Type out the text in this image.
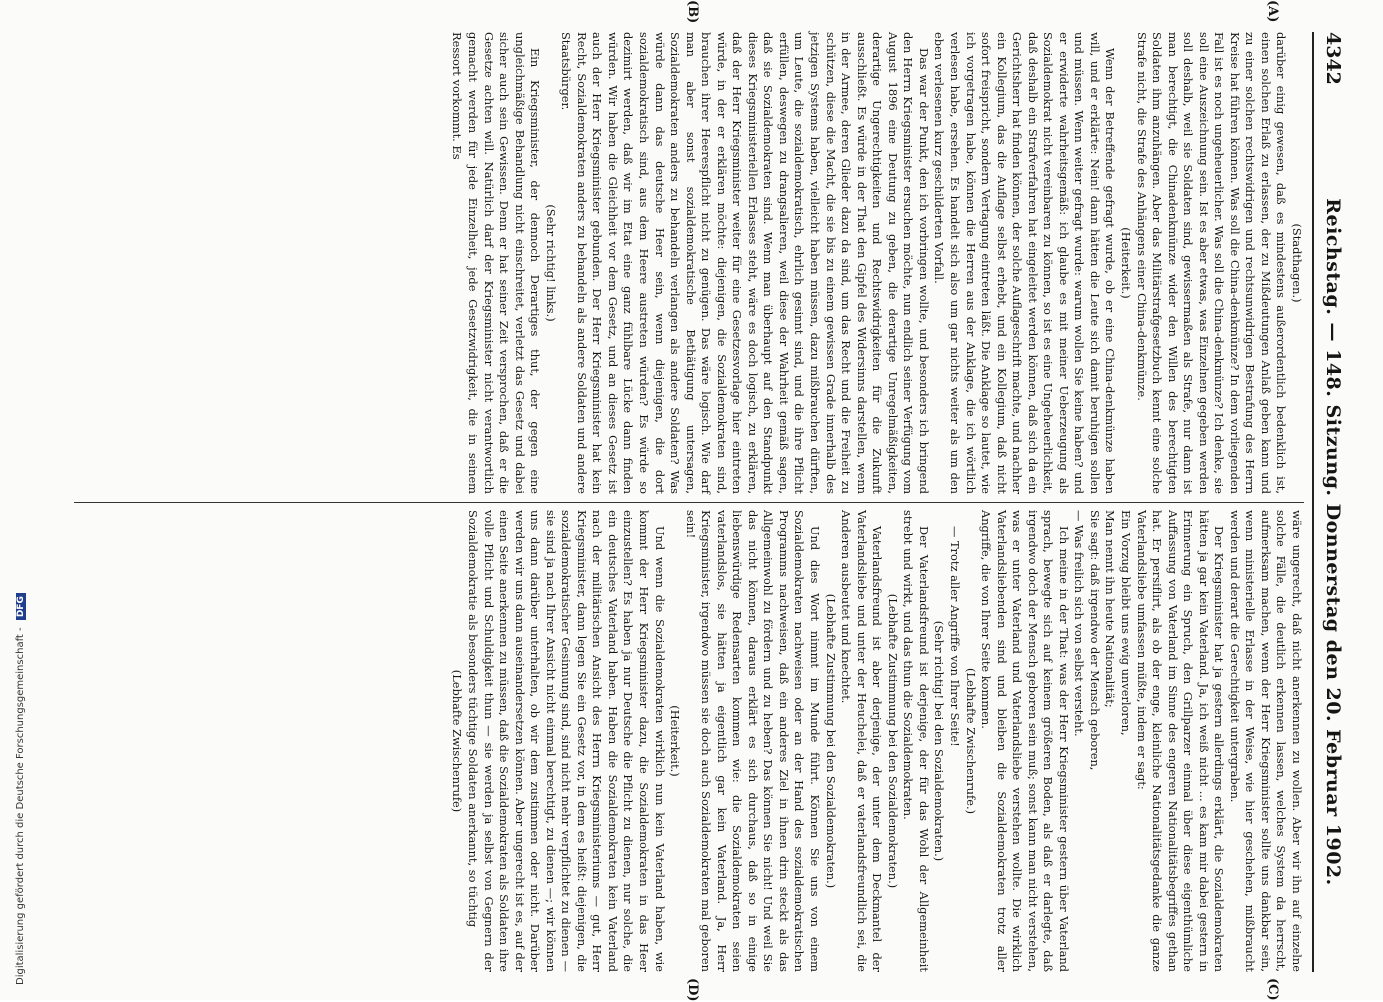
Digitalisierung gefördert durch die Deutsche Forschungsgemeinschaft - DFG
4342
Reichstag. — 148. Sitzung. Donnerstag den 20. Februar 1902.
(A)
(B)
(C)
(D)

(Stadthagen.)

darüber einig gewesen, daß es mindestens außerordentlich bedenklich ist, einen solchen Erlaß zu erlassen, der zu Mißdeutungen Anlaß geben kann und zu einer solchen rechtswidrigen und rechtsunwidrigen Bestrafung des Herrn Kreise hat führen können. Was soll die China-denkmünze? In dem vorliegenden Fall ist es noch ungeheuerlicher. Was soll die China-denkmünze? Ich denke, sie soll eine Auszeichnung sein. Ist es aber etwas, was Einzelnen gegeben werden soll deshalb, weil sie Soldaten sind, gewissermaßen als Strafe, nur dann ist man berechtigt, die Chinadenkmünze wider den Willen des berechtigten Soldaten ihm anzuhängen. Aber das Militärstrafgesetzbuch kennt eine solche Strafe nicht, die Strafe des Anhängens einer China-denkmünze.

(Heiterkeit.)

Wenn der Betreffende gefragt wurde, ob er eine China-denkmünze haben will, und er erklärte: Nein! dann hätten die Leute sich damit beruhigen sollen und müssen. Wenn weiter gefragt wurde: warum wollen Sie keine haben? und er erwiderte wahrheitsgemäß: ich glaube es mit meiner Ueberzeugung als Sozialdemokrat nicht vereinbaren zu können, so ist es eine Ungeheuerlichkeit, daß deshalb ein Strafverfahren hat eingeleitet werden können, daß sich da ein Gerichtsherr hat finden können, der solche Auflageschrift machte, und nachher ein Kollegium, das die Auflage selbst erhebt, und ein Kollegium, daß nicht sofort freispricht, sondern Vertagung eintreten läßt. Die Anklage so lautet, wie ich vorgetragen habe, können die Herren aus der Anklage, die ich wörtlich verlesen habe, ersehen. Es handelt sich also um gar nichts weiter als um den eben verlesenen kurz geschilderten Vorfall.

Das war der Punkt, den ich vorbringen wollte, und besonders ich bringend den Herrn Kriegsminister ersuchen möchte, nun endlich seiner Verfügung vom August 1896 eine Deutung zu geben, die derartige Unregelmäßigkeiten, derartige Ungerechtigkeiten und Rechtswidrigkeiten für die Zukunft ausschließt. Es würde in der That den Gipfel des Widersinns darstellen, wenn in der Armee, deren Glieder dazu da sind, um das Recht und die Freiheit zu schützen, diese die Macht, die sie bis zu einem gewissen Grade innerhalb des jetzigen Systems haben, vielleicht haben müssen, dazu mißbrauchen dürften, um Leute, die sozialdemokratisch, ehrlich gesinnt sind, und die ihre Pflicht erfüllen, deswegen zu drangsalieren, weil diese der Wahrheit gemäß sagen, daß sie Sozialdemokraten sind. Wenn man überhaupt auf den Standpunkt dieses Kriegsministeriellen Erlasses steht, wäre es doch logisch, zu erklären, daß der Herr Kriegsminister weiter für eine Gesetzesvorlage hier eintreten würde, in der er erklären möchte: diejenigen, die Sozialdemokraten sind, brauchen ihrer Heerespflicht nicht zu genügen. Das wäre logisch. Wie darf man aber sonst sozialdemokratische Bethätigung untersagen, Sozialdemokraten anders zu behandeln verlangen als andere Soldaten? Was würde dann das deutsche Heer sein, wenn diejenigen, die dort sozialdemokratisch sind, aus dem Heere austreten würden? Es würde so dezimirt werden, daß wir im Etat eine ganz fühlbare Lücke dann finden würden. Wir haben die Gleichheit vor dem Gesetz, und an dieses Gesetz ist auch der Herr Kriegsminister gebunden. Der Herr Kriegsminister hat kein Recht, Sozialdemokraten anders zu behandeln als andere Soldaten und andere Staatsbürger.

(Sehr richtig! links.)

Ein Kriegsminister, der dennoch Derartiges thut, der gegen eine ungleichmäßige Behandlung nicht einschreitet, verletzt das Gesetz und dabei sicher auch sein Gewissen. Denn er hat seiner Zeit versprochen, daß er die Gesetze achten will. Natürlich darf der Kriegsminister nicht verantwortlich gemacht werden für jede Einzelheit, jede Gesetzwidrigkeit, die in seinem Ressort vorkommt. Es

wäre ungerecht, daß nicht anerkennen zu wollen. Aber wir ihn auf einzelne solche Fälle, die deutlich erkennen lassen, welches System da herrscht, aufmerksam machen, wenn der Herr Kriegsminister sollte uns dankbar sein, wenn ministerielle Erlasse in der Weise, wie hier geschehen, mißbraucht werden und derart die Gerechtigkeit untergraben.

Der Kriegsminister hat ja gestern allerdings erklärt, die Sozialdemokraten hätten ja gar kein Vaterland. Ja, ich weiß nicht ... es kam mir dabei gestern in Erinnerung ein Spruch, den Grillparzer einmal über diese eigenthümliche Auffassung von Vaterland im Sinne des engeren Nationalitätsbegriffes gethan hat. Er persiflirt, als ob der enge, kleinliche Nationalitätsgedanke die ganze Vaterlandsliebe umfassen müßte, indem er sagt:

Ein Vorzug bleibt uns ewig unverloren,

Man nennt ihn heute Nationalität;

Sie sagt: daß irgendwo der Mensch geboren,

— Was freilich sich von selbst versteht.

Ich meine in der That: was der Herr Kriegsminister gestern über Vaterland sprach, bewegte sich auf keinem größeren Boden, als daß er darlegte, daß irgendwo doch der Mensch geboren sein muß; sonst kann man nicht verstehen, was er unter Vaterland und Vaterlandsliebe verstehen wollte. Die wirklich Vaterlandsliebenden sind und bleiben die Sozialdemokraten trotz aller Angriffe, die von Ihrer Seite kommen.

(Lebhafte Zwischenrufe.)

— Trotz aller Angriffe von Ihrer Seite!

(Sehr richtig! bei den Sozialdemokraten.)

Der Vaterlandsfreund ist derjenige, der für das Wohl der Allgemeinheit strebt und wirkt, und das thun die Sozialdemokraten.

(Lebhafte Zustimmung bei den Sozialdemokraten.)

Vaterlandsfreund ist aber derjenige, der unter dem Deckmantel der Vaterlandsliebe und unter der Heuchelei, daß er vaterlandsfreundlich sei, die Anderen ausbeutet und knechtet.

(Lebhafte Zustimmung bei den Sozialdemokraten.)

Und dies Wort nimmt im Munde führt. Können Sie uns von einem Sozialdemokraten nachweisen oder an der Hand des sozialdemokratischen Programms nachweisen, daß ein anderes Ziel in ihnen drin steckt als das Allgemeinwohl zu fördern und zu heben? Das können Sie nicht! Und weil Sie das nicht können, daraus erklärt es sich durchaus, daß so in einige liebenswürdige Redensarten kommen wie: die Sozialdemokraten seien vaterlandslos, sie hätten ja eigentlich gar kein Vaterland. Ja, Herr Kriegsminister, irgendwo müssen sie doch auch Sozialdemokraten mal geboren sein!

(Heiterkeit.)

Und wenn die Sozialdemokraten wirklich nun kein Vaterland haben, wie kommt der Herr Kriegsminister dazu, die Sozialdemokraten in das Heer einzustellen? Es haben ja nur Deutsche die Pflicht zu dienen, nur solche, die ein deutsches Vaterland haben. Haben die Sozialdemokraten kein Vaterland nach der militärischen Ansicht des Herrn Kriegsministeriums — gut, Herr Kriegsminister, dann legen Sie ein Gesetz vor, in dem es heißt: diejenigen, die sozialdemokratischer Gesinnung sind, sind nicht mehr verpflichtet zu dienen — sie sind ja nach Ihrer Ansicht nicht einmal berechtigt, zu dienen —; wir können uns dann darüber unterhalten, ob wir dem zustimmen oder nicht. Darüber werden wir uns dann auseinandersetzen können. Aber ungerecht ist es, auf der einen Seite anerkennen zu müssen, daß die Sozialdemokraten als Soldaten ihre volle Pflicht und Schuldigkeit thun — sie werden ja selbst von Gegnern der Sozialdemokratie als besonders tüchtige Soldaten anerkannt, so tüchtig

(Lebhafte Zwischenrufe)
